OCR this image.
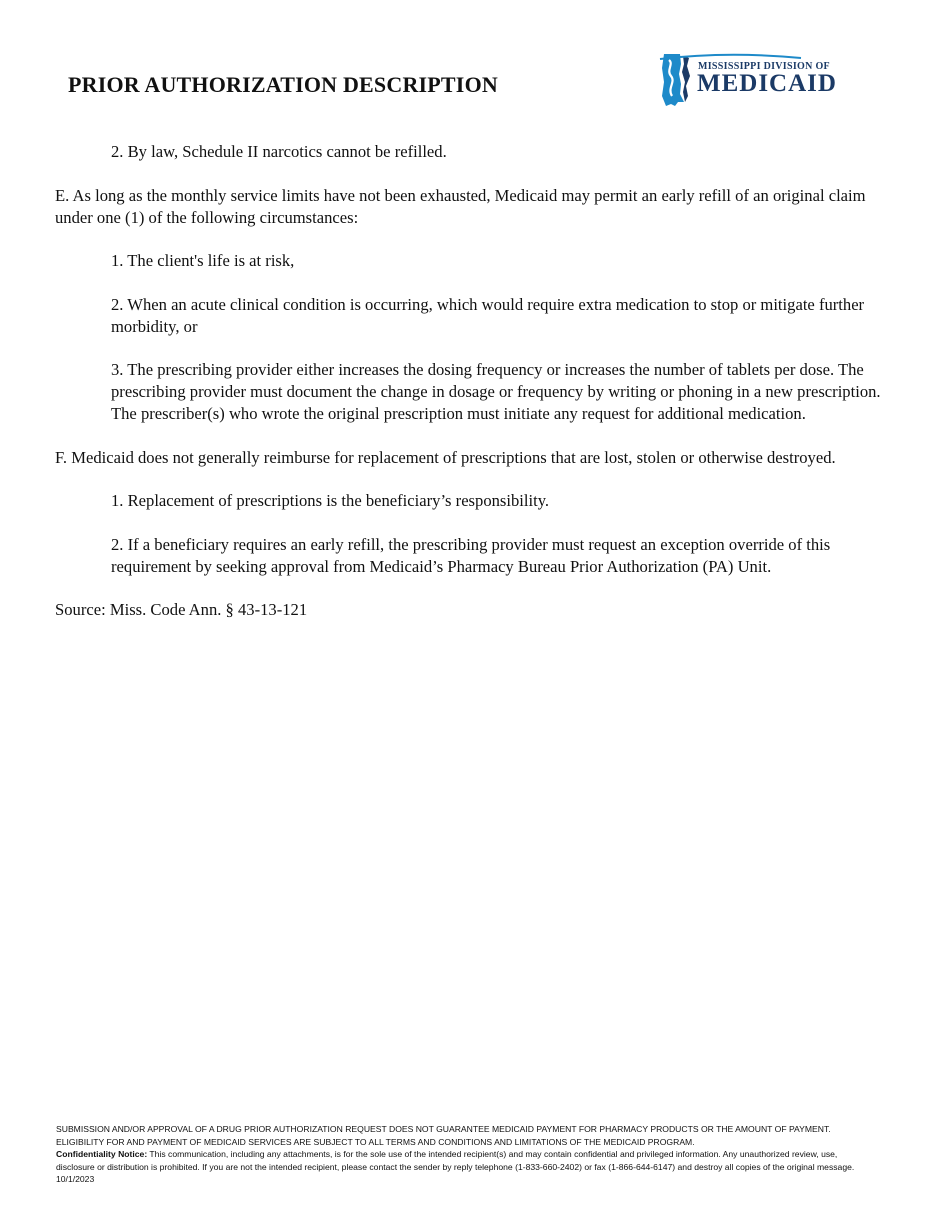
PRIOR AUTHORIZATION DESCRIPTION
MISSISSIPPI DIVISION OF
MEDICAID

2. By law, Schedule II narcotics cannot be refilled.

E. As long as the monthly service limits have not been exhausted, Medicaid may permit an early refill of an original claim under one (1) of the following circumstances:

1. The client's life is at risk,

2. When an acute clinical condition is occurring, which would require extra medication to stop or mitigate further morbidity, or

3. The prescribing provider either increases the dosing frequency or increases the number of tablets per dose. The prescribing provider must document the change in dosage or frequency by writing or phoning in a new prescription. The prescriber(s) who wrote the original prescription must initiate any request for additional medication.

F. Medicaid does not generally reimburse for replacement of prescriptions that are lost, stolen or otherwise destroyed.

1. Replacement of prescriptions is the beneficiary’s responsibility.

2. If a beneficiary requires an early refill, the prescribing provider must request an exception override of this requirement by seeking approval from Medicaid’s Pharmacy Bureau Prior Authorization (PA) Unit.

Source: Miss. Code Ann. § 43-13-121

SUBMISSION AND/OR APPROVAL OF A DRUG PRIOR AUTHORIZATION REQUEST DOES NOT GUARANTEE MEDICAID PAYMENT FOR PHARMACY PRODUCTS OR THE AMOUNT OF PAYMENT.
ELIGIBILITY FOR AND PAYMENT OF MEDICAID SERVICES ARE SUBJECT TO ALL TERMS AND CONDITIONS AND LIMITATIONS OF THE MEDICAID PROGRAM.
Confidentiality Notice: This communication, including any attachments, is for the sole use of the intended recipient(s) and may contain confidential and privileged information. Any unauthorized review, use,
disclosure or distribution is prohibited. If you are not the intended recipient, please contact the sender by reply telephone (1-833-660-2402) or fax (1-866-644-6147) and destroy all copies of the original message.
10/1/2023
